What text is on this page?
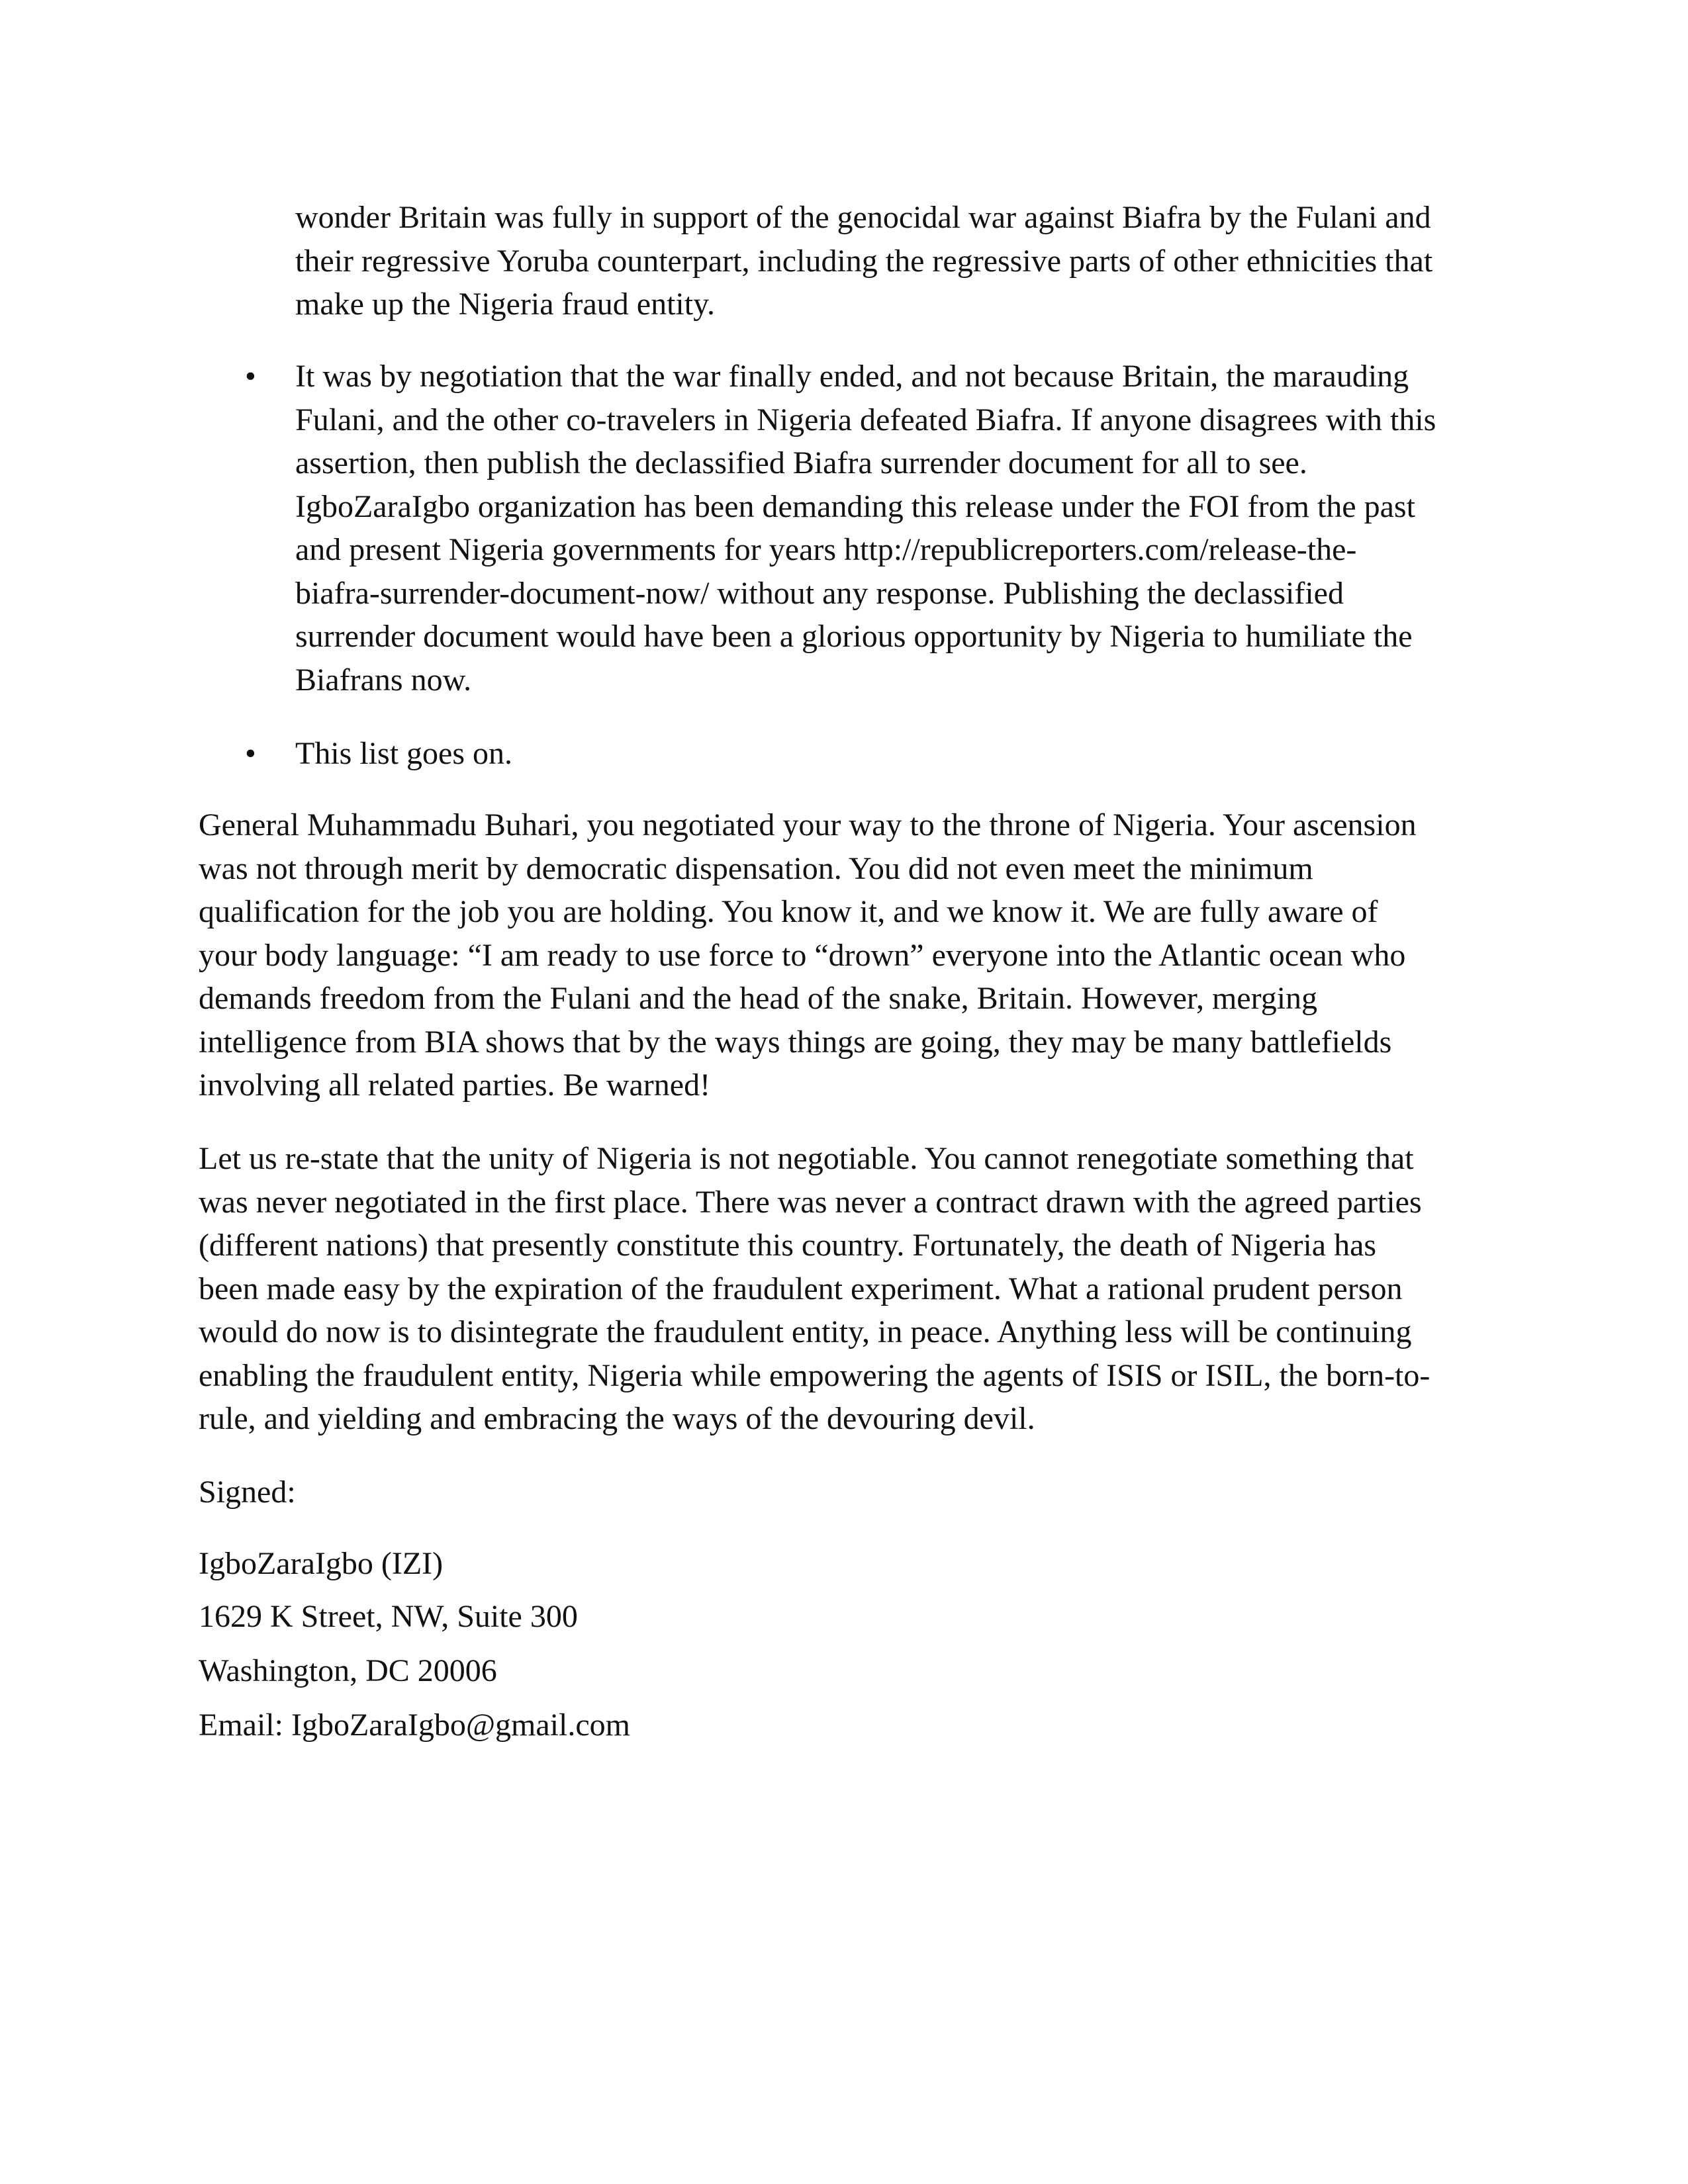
wonder Britain was fully in support of the genocidal war against Biafra by the Fulani and
their regressive Yoruba counterpart, including the regressive parts of other ethnicities that
make up the Nigeria fraud entity.

• It was by negotiation that the war finally ended, and not because Britain, the marauding
Fulani, and the other co-travelers in Nigeria defeated Biafra. If anyone disagrees with this
assertion, then publish the declassified Biafra surrender document for all to see.
IgboZaraIgbo organization has been demanding this release under the FOI from the past
and present Nigeria governments for years http://republicreporters.com/release-the-
biafra-surrender-document-now/ without any response. Publishing the declassified
surrender document would have been a glorious opportunity by Nigeria to humiliate the
Biafrans now.

• This list goes on.

General Muhammadu Buhari, you negotiated your way to the throne of Nigeria. Your ascension
was not through merit by democratic dispensation. You did not even meet the minimum
qualification for the job you are holding. You know it, and we know it. We are fully aware of
your body language: “I am ready to use force to “drown” everyone into the Atlantic ocean who
demands freedom from the Fulani and the head of the snake, Britain. However, merging
intelligence from BIA shows that by the ways things are going, they may be many battlefields
involving all related parties. Be warned!

Let us re-state that the unity of Nigeria is not negotiable. You cannot renegotiate something that
was never negotiated in the first place. There was never a contract drawn with the agreed parties
(different nations) that presently constitute this country. Fortunately, the death of Nigeria has
been made easy by the expiration of the fraudulent experiment. What a rational prudent person
would do now is to disintegrate the fraudulent entity, in peace. Anything less will be continuing
enabling the fraudulent entity, Nigeria while empowering the agents of ISIS or ISIL, the born-to-
rule, and yielding and embracing the ways of the devouring devil.

Signed:

IgboZaraIgbo (IZI)

1629 K Street, NW, Suite 300

Washington, DC 20006

Email: IgboZaraIgbo@gmail.com
